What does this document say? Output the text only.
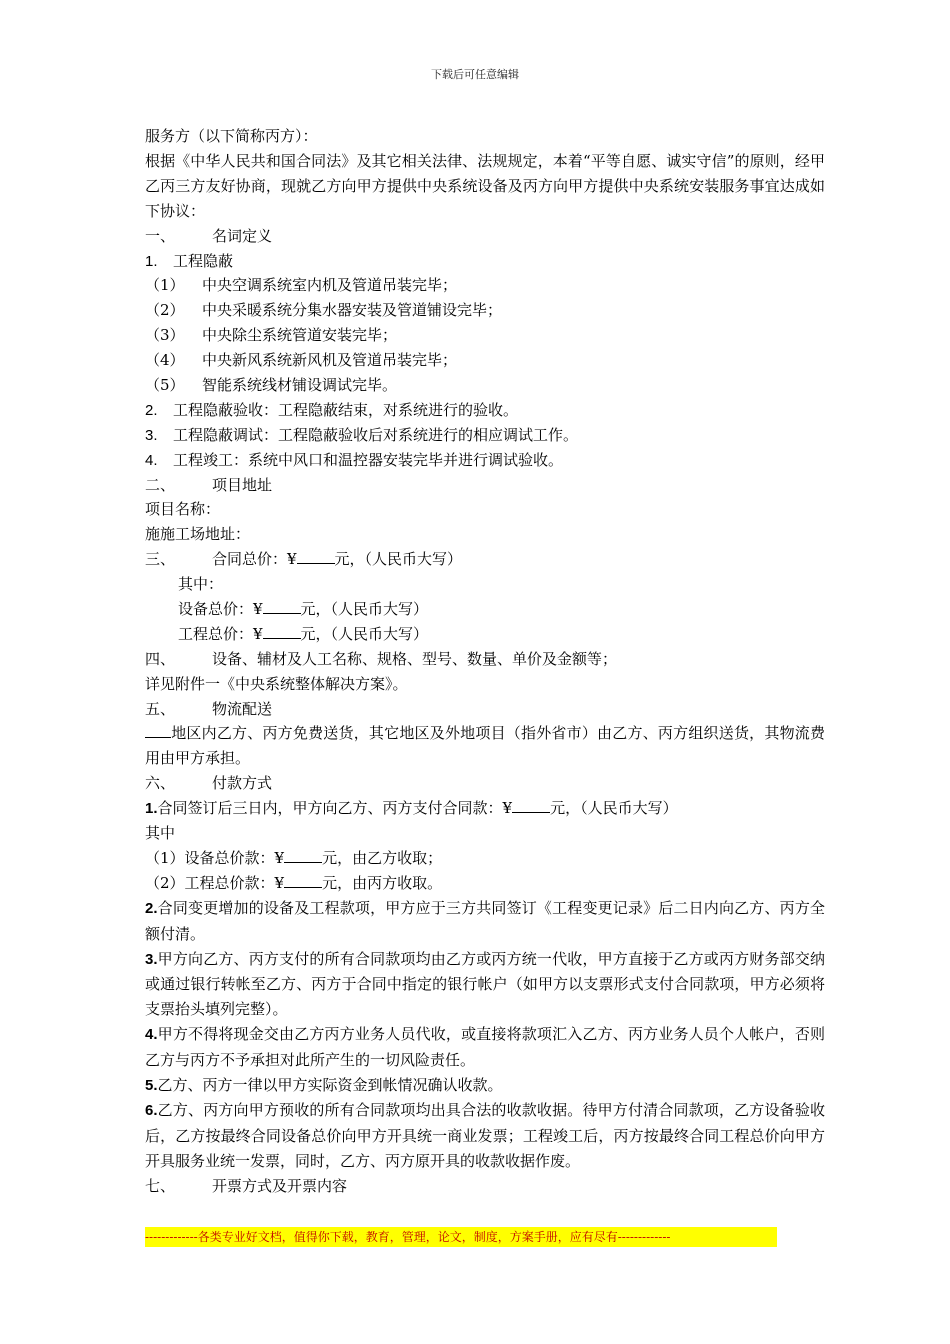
下载后可任意编辑
服务方（以下简称丙方）：
根据《中华人民共和国合同法》及其它相关法律、法规规定，本着“平等自愿、诚实守信”的原则，经甲乙丙三方友好协商，现就乙方向甲方提供中央系统设备及丙方向甲方提供中央系统安装服务事宜达成如下协议：
一、 名词定义
1. 工程隐蔽
（1） 中央空调系统室内机及管道吊装完毕；
（2） 中央采暖系统分集水器安装及管道铺设完毕；
（3） 中央除尘系统管道安装完毕；
（4） 中央新风系统新风机及管道吊装完毕；
（5） 智能系统线材铺设调试完毕。
2. 工程隐蔽验收：工程隐蔽结束，对系统进行的验收。
3. 工程隐蔽调试：工程隐蔽验收后对系统进行的相应调试工作。
4. 工程竣工：系统中风口和温控器安装完毕并进行调试验收。
二、 项目地址
项目名称：
施施工场地址：
三、 合同总价：¥	元，（人民币大写）
其中：
设备总价：¥	元，（人民币大写）
工程总价：¥	元，（人民币大写）
四、 设备、辅材及人工名称、规格、型号、数量、单价及金额等；
详见附件一《中央系统整体解决方案》。
五、 物流配送
地区内乙方、丙方免费送货，其它地区及外地项目（指外省市）由乙方、丙方组织送货，其物流费用由甲方承担。
六、 付款方式
1.合同签订后三日内，甲方向乙方、丙方支付合同款：¥	元，（人民币大写）
其中
（1）设备总价款：¥	元，由乙方收取；
（2）工程总价款：¥	元，由丙方收取。
2.合同变更增加的设备及工程款项，甲方应于三方共同签订《工程变更记录》后二日内向乙方、丙方全额付清。
3.甲方向乙方、丙方支付的所有合同款项均由乙方或丙方统一代收，甲方直接于乙方或丙方财务部交纳或通过银行转帐至乙方、丙方于合同中指定的银行帐户（如甲方以支票形式支付合同款项，甲方必须将支票抬头填列完整）。
4.甲方不得将现金交由乙方丙方业务人员代收，或直接将款项汇入乙方、丙方业务人员个人帐户，否则乙方与丙方不予承担对此所产生的一切风险责任。
5.乙方、丙方一律以甲方实际资金到帐情况确认收款。
6.乙方、丙方向甲方预收的所有合同款项均出具合法的收款收据。待甲方付清合同款项，乙方设备验收后，乙方按最终合同设备总价向甲方开具统一商业发票；工程竣工后，丙方按最终合同工程总价向甲方开具服务业统一发票，同时，乙方、丙方原开具的收款收据作废。
七、 开票方式及开票内容
-------------各类专业好文档，值得你下载，教育，管理，论文，制度，方案手册，应有尽有-------------
